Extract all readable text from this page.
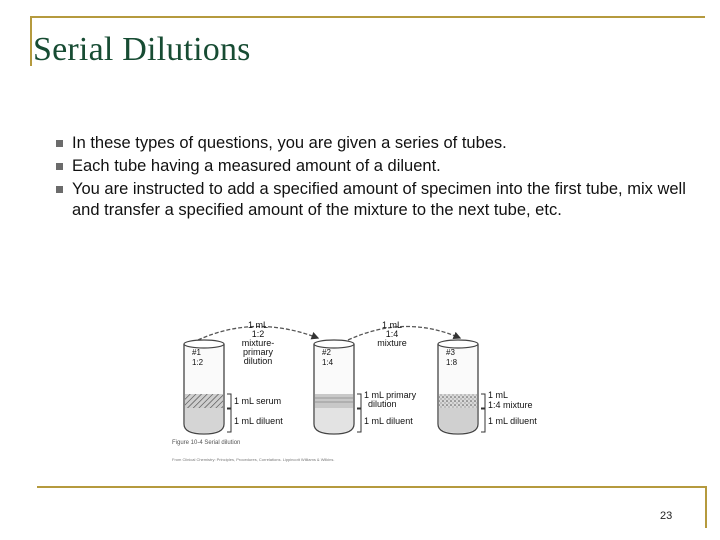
Serial Dilutions
In these types of questions, you are given a series of tubes.
Each tube having a measured amount of a diluent.
You are instructed to add a specified amount of specimen into the first tube, mix well and transfer a specified amount of the mixture to the next tube, etc.
1 mL
1:2
mixture-
primary
dilution
1 mL
1:4
mixture
#1
1:2
#2
1:4
#3
1:8
1 mL serum
1 mL diluent
1 mL primary
dilution
1 mL diluent
1 mL
1:4 mixture
1 mL diluent
Figure 10-4 Serial dilution
From Clinical Chemistry: Principles, Procedures, Correlations. Lippincott Williams & Wilkins.
23
